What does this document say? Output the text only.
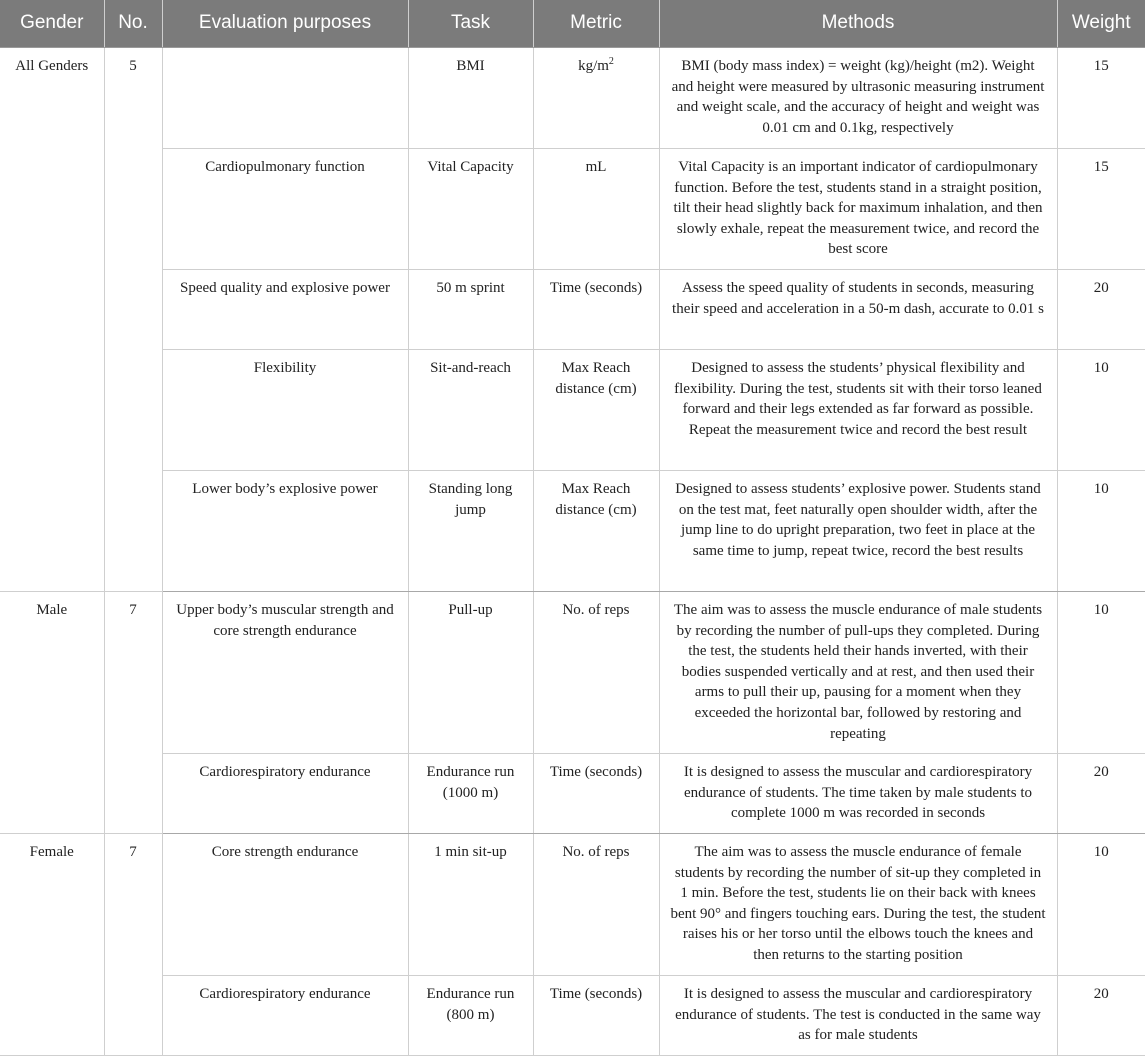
Gender	No.	Evaluation purposes	Task	Metric	Methods	Weight
All Genders	5		BMI	$kg/m^2$	BMI (body mass index) = weight (kg)/height (m2). Weight and height were measured by ultrasonic measuring instrument and weight scale, and the accuracy of height and weight was 0.01 cm and 0.1kg, respectively	15
		Cardiopulmonary function	Vital Capacity	mL	Vital Capacity is an important indicator of cardiopulmonary function. Before the test, students stand in a straight position, tilt their head slightly back for maximum inhalation, and then slowly exhale, repeat the measurement twice, and record the best score	15
		Speed quality and explosive power	50 m sprint	Time (seconds)	Assess the speed quality of students in seconds, measuring their speed and acceleration in a 50-m dash, accurate to 0.01 s	20
		Flexibility	Sit-and-reach	Max Reach distance (cm)	Designed to assess the students’ physical flexibility and flexibility. During the test, students sit with their torso leaned forward and their legs extended as far forward as possible. Repeat the measurement twice and record the best result	10
		Lower body’s explosive power	Standing long jump	Max Reach distance (cm)	Designed to assess students’ explosive power. Students stand on the test mat, feet naturally open shoulder width, after the jump line to do upright preparation, two feet in place at the same time to jump, repeat twice, record the best results	10
Male	7	Upper body’s muscular strength and core strength endurance	Pull-up	No. of reps	The aim was to assess the muscle endurance of male students by recording the number of pull-ups they completed. During the test, the students held their hands inverted, with their bodies suspended vertically and at rest, and then used their arms to pull their up, pausing for a moment when they exceeded the horizontal bar, followed by restoring and repeating	10
		Cardiorespiratory endurance	Endurance run (1000 m)	Time (seconds)	It is designed to assess the muscular and cardiorespiratory endurance of students. The time taken by male students to complete 1000 m was recorded in seconds	20
Female	7	Core strength endurance	1 min sit-up	No. of reps	The aim was to assess the muscle endurance of female students by recording the number of sit-up they completed in 1 min. Before the test, students lie on their back with knees bent 90° and fingers touching ears. During the test, the student raises his or her torso until the elbows touch the knees and then returns to the starting position	10
		Cardiorespiratory endurance	Endurance run (800 m)	Time (seconds)	It is designed to assess the muscular and cardiorespiratory endurance of students. The test is conducted in the same way as for male students	20
